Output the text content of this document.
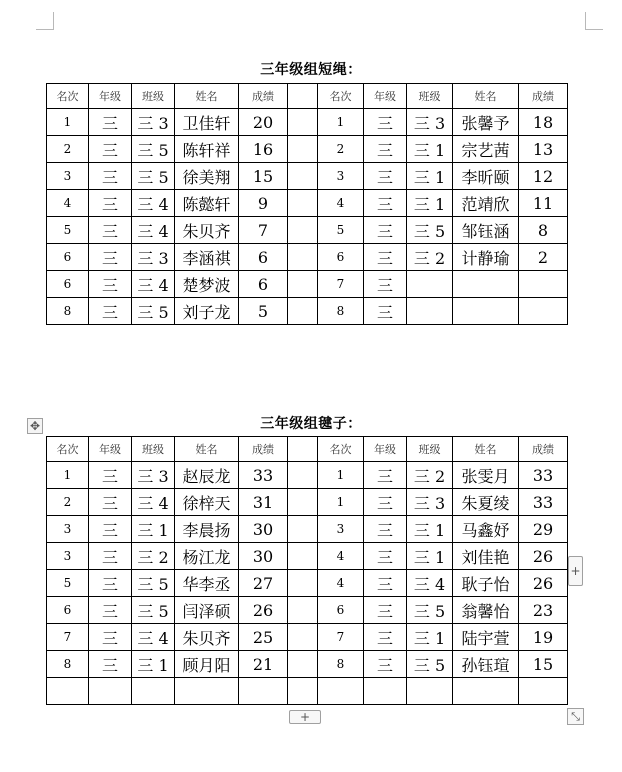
三年级组短绳：
名次	年级	班级	姓名	成绩		名次	年级	班级	姓名	成绩
1	三	三 3	卫佳轩	20		1	三	三 3	张馨予	18
2	三	三 5	陈轩祥	16		2	三	三 1	宗艺茜	13
3	三	三 5	徐美翔	15		3	三	三 1	李昕颐	12
4	三	三 4	陈懿轩	9		4	三	三 1	范靖欣	11
5	三	三 4	朱贝齐	7		5	三	三 5	邹钰涵	8
6	三	三 3	李涵祺	6		6	三	三 2	计静瑜	2
6	三	三 4	楚梦波	6		7	三			
8	三	三 5	刘子龙	5		8	三			
✥	三年级组毽子：
名次	年级	班级	姓名	成绩		名次	年级	班级	姓名	成绩
1	三	三 3	赵辰龙	33		1	三	三 2	张雯月	33
2	三	三 4	徐梓天	31		1	三	三 3	朱夏绫	33
3	三	三 1	李晨扬	30		3	三	三 1	马鑫妤	29
3	三	三 2	杨江龙	30		4	三	三 1	刘佳艳	26
5	三	三 5	华李丞	27		4	三	三 4	耿子怡	26
6	三	三 5	闫泽硕	26		6	三	三 5	翁馨怡	23
7	三	三 4	朱贝齐	25		7	三	三 1	陆宇萱	19
8	三	三 1	顾月阳	21		8	三	三 5	孙钰瑄	15

+
+	⤡
